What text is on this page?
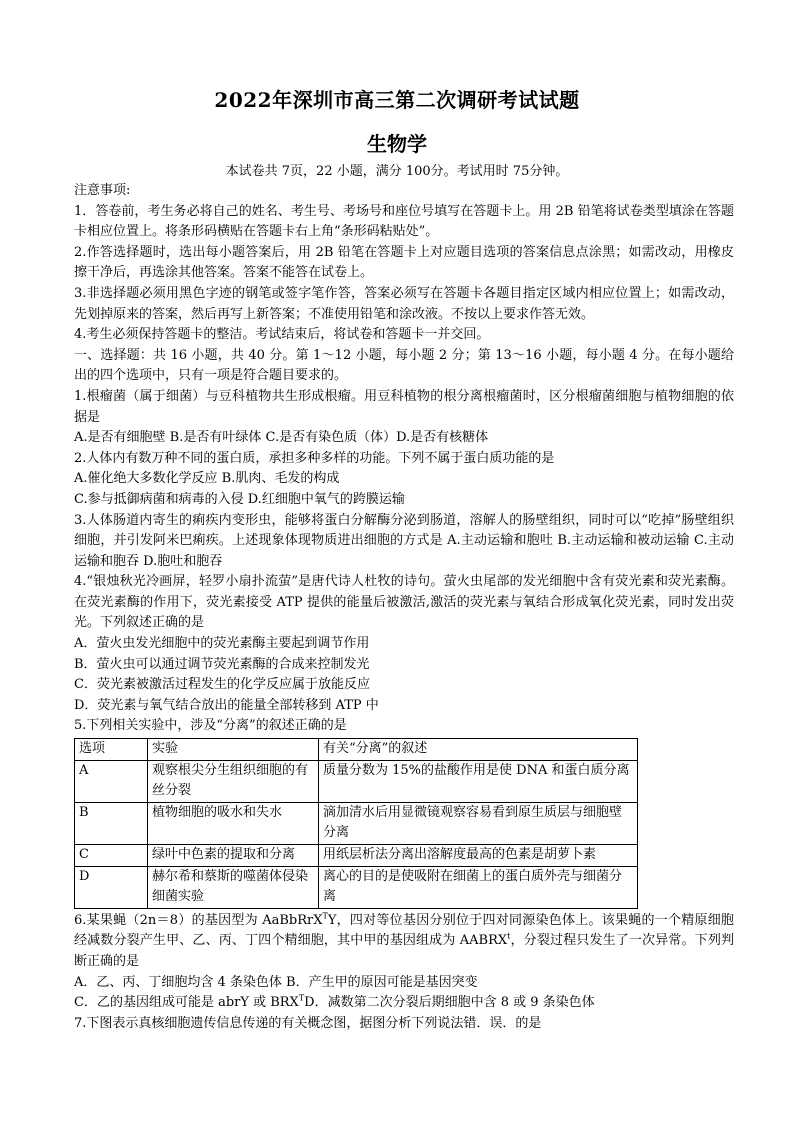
2022年深圳市高三第二次调研考试试题
生物学
本试卷共 7页，22 小题，满分 100分。考试用时 75分钟。

注意事项:

1．答卷前，考生务必将自己的姓名、考生号、考场号和座位号填写在答题卡上。用 2B 铅笔将试卷类型填涂在答题卡相应位置上。将条形码横贴在答题卡右上角“条形码粘贴处”。

2.作答选择题时，选出每小题答案后，用 2B 铅笔在答题卡上对应题目选项的答案信息点涂黑；如需改动，用橡皮擦干净后，再选涂其他答案。答案不能答在试卷上。

3.非选择题必须用黑色字迹的钢笔或签字笔作答，答案必须写在答题卡各题目指定区域内相应位置上；如需改动，先划掉原来的答案，然后再写上新答案；不准使用铅笔和涂改液。不按以上要求作答无效。

4.考生必须保持答题卡的整洁。考试结束后，将试卷和答题卡一并交回。

一、选择题：共 16 小题，共 40 分。第 1～12 小题，每小题 2 分；第 13～16 小题，每小题 4 分。在每小题给出的四个选项中，只有一项是符合题目要求的。

1.根瘤菌（属于细菌）与豆科植物共生形成根瘤。用豆科植物的根分离根瘤菌时，区分根瘤菌细胞与植物细胞的依据是

A.是否有细胞壁 B.是否有叶绿体 C.是否有染色质（体）D.是否有核糖体

2.人体内有数万种不同的蛋白质，承担多种多样的功能。下列不属于蛋白质功能的是

A.催化绝大多数化学反应 B.肌肉、毛发的构成

C.参与抵御病菌和病毒的入侵 D.红细胞中氧气的跨膜运输

3.人体肠道内寄生的痢疾内变形虫，能够将蛋白分解酶分泌到肠道，溶解人的肠壁组织，同时可以“吃掉”肠壁组织细胞，并引发阿米巴痢疾。上述现象体现物质进出细胞的方式是 A.主动运输和胞吐 B.主动运输和被动运输 C.主动运输和胞吞 D.胞吐和胞吞

4.“银烛秋光冷画屏，轻罗小扇扑流萤”是唐代诗人杜牧的诗句。萤火虫尾部的发光细胞中含有荧光素和荧光素酶。在荧光素酶的作用下，荧光素接受 ATP 提供的能量后被激活,激活的荧光素与氧结合形成氧化荧光素，同时发出荧光。下列叙述正确的是

A．萤火虫发光细胞中的荧光素酶主要起到调节作用

B．萤火虫可以通过调节荧光素酶的合成来控制发光

C．荧光素被激活过程发生的化学反应属于放能反应

D．荧光素与氧气结合放出的能量全部转移到 ATP 中

5.下列相关实验中，涉及“分离”的叙述正确的是

选项	实验	有关“分离”的叙述
A	观察根尖分生组织细胞的有丝分裂	质量分数为 15%的盐酸作用是使 DNA 和蛋白质分离
B	植物细胞的吸水和失水	滴加清水后用显微镜观察容易看到原生质层与细胞壁分离
C	绿叶中色素的提取和分离	用纸层析法分离出溶解度最高的色素是胡萝卜素
D	赫尔希和蔡斯的噬菌体侵染细菌实验	离心的目的是使吸附在细菌上的蛋白质外壳与细菌分离

6.某果蝇（2n＝8）的基因型为 AaBbRrX$^T$Y，四对等位基因分别位于四对同源染色体上。该果蝇的一个精原细胞经减数分裂产生甲、乙、丙、丁四个精细胞，其中甲的基因组成为 AABRX$^t$，分裂过程只发生了一次异常。下列判断正确的是

A．乙、丙、丁细胞均含 4 条染色体 B．产生甲的原因可能是基因突变

C．乙的基因组成可能是 abrY 或 $BRX^TD$．减数第二次分裂后期细胞中含 8 或 9 条染色体

7.下图表示真核细胞遗传信息传递的有关概念图，据图分析下列说法错．误．的是
